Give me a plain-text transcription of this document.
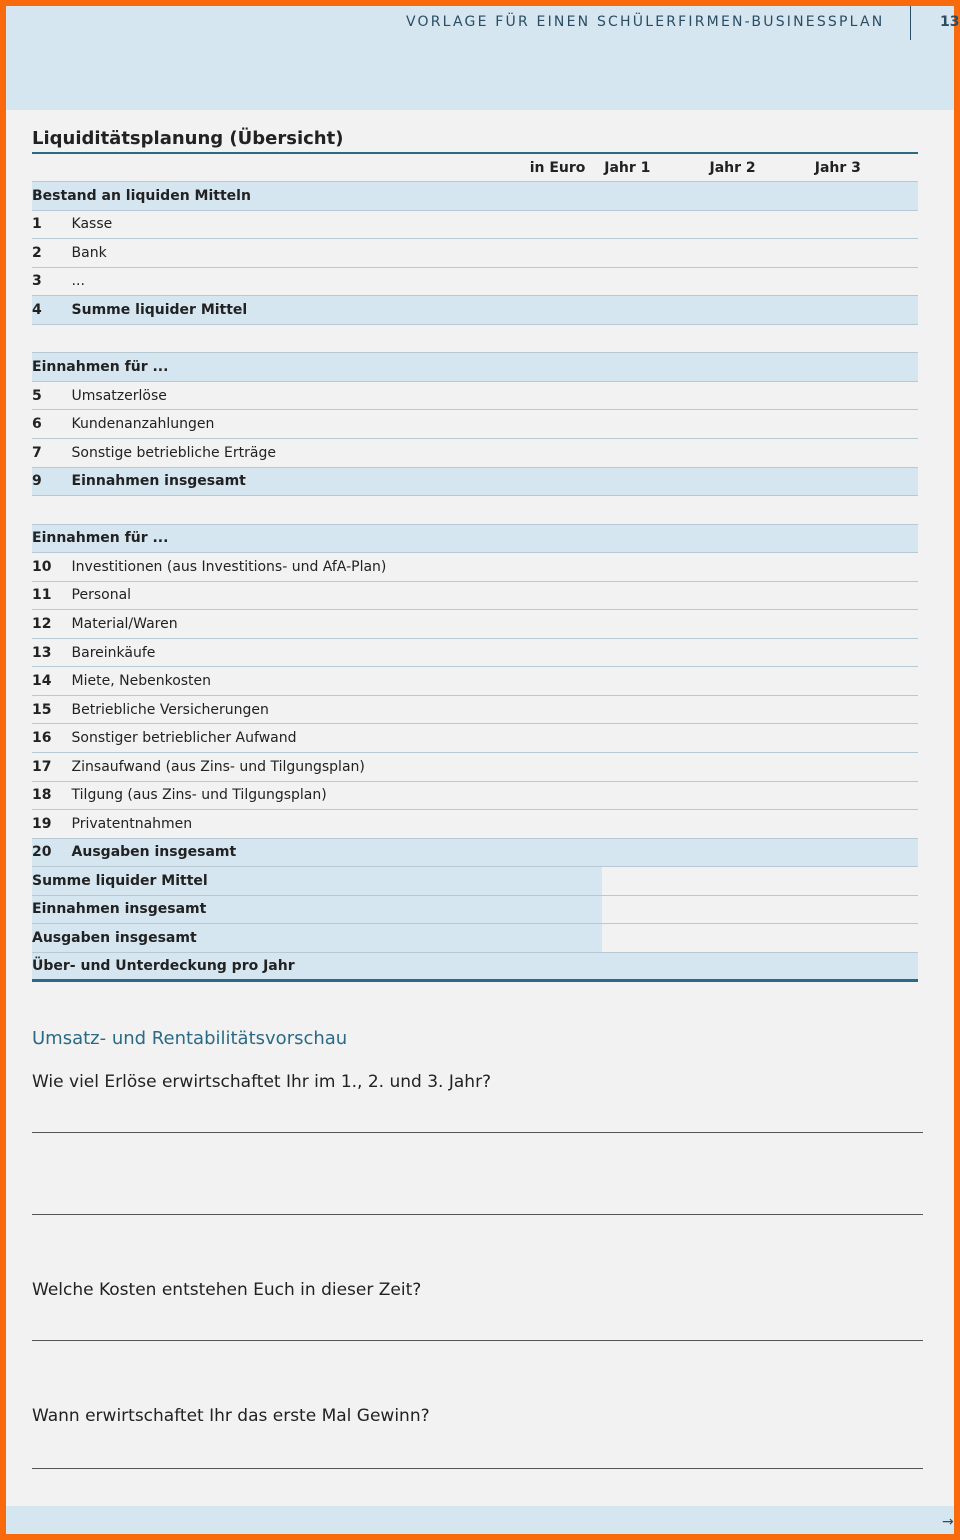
VORLAGE FÜR EINEN SCHÜLERFIRMEN-BUSINESSPLAN	13
Liquiditätsplanung (Übersicht)
		in Euro	Jahr 1	Jahr 2	Jahr 3
Bestand an liquiden Mitteln					
1	Kasse				
2	Bank				
3	...				
4	Summe liquider Mittel				

Einnahmen für ...					
5	Umsatzerlöse				
6	Kundenanzahlungen				
7	Sonstige betriebliche Erträge				
9	Einnahmen insgesamt				

Einnahmen für ...					
10	Investitionen (aus Investitions- und AfA-Plan)				
11	Personal				
12	Material/Waren				
13	Bareinkäufe				
14	Miete, Nebenkosten				
15	Betriebliche Versicherungen				
16	Sonstiger betrieblicher Aufwand				
17	Zinsaufwand (aus Zins- und Tilgungsplan)				
18	Tilgung (aus Zins- und Tilgungsplan)				
19	Privatentnahmen				
20	Ausgaben insgesamt				
Summe liquider Mittel					
Einnahmen insgesamt					
Ausgaben insgesamt					
Über- und Unterdeckung pro Jahr					
Umsatz- und Rentabilitätsvorschau
Wie viel Erlöse erwirtschaftet Ihr im 1., 2. und 3. Jahr?
Welche Kosten entstehen Euch in dieser Zeit?
Wann erwirtschaftet Ihr das erste Mal Gewinn?
→
